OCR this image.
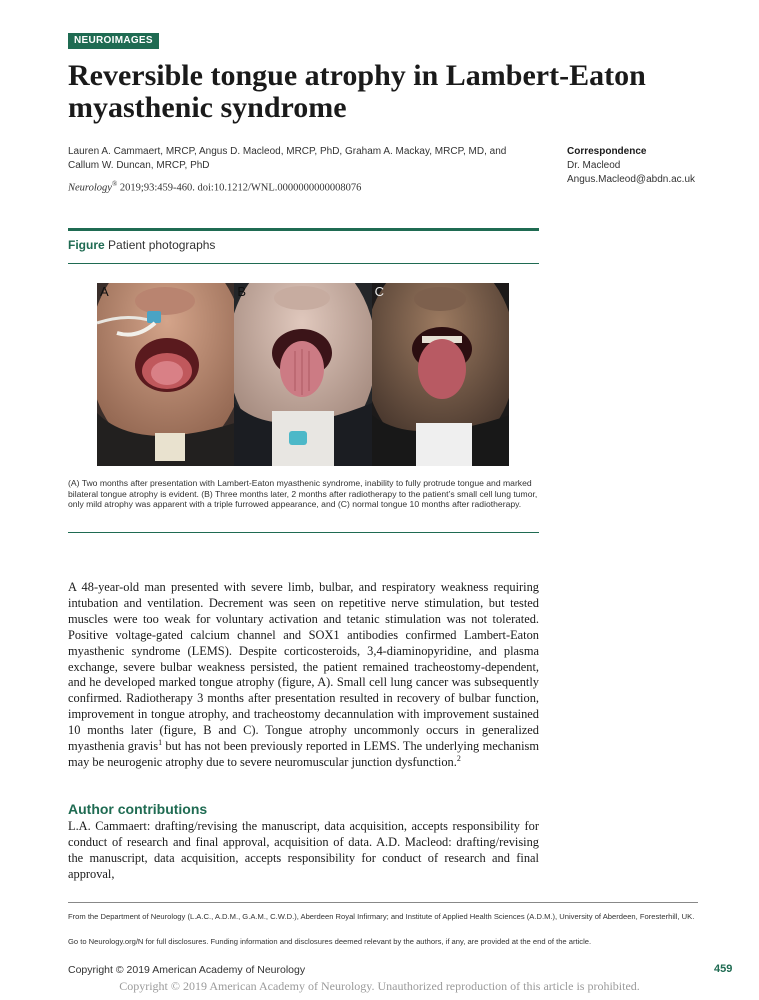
NEUROIMAGES
Reversible tongue atrophy in Lambert-Eaton myasthenic syndrome
Lauren A. Cammaert, MRCP, Angus D. Macleod, MRCP, PhD, Graham A. Mackay, MRCP, MD, and Callum W. Duncan, MRCP, PhD
Neurology® 2019;93:459-460. doi:10.1212/WNL.0000000000008076
Correspondence
Dr. Macleod
Angus.Macleod@abdn.ac.uk
Figure Patient photographs
A	B	C
(A) Two months after presentation with Lambert-Eaton myasthenic syndrome, inability to fully protrude tongue and marked bilateral tongue atrophy is evident. (B) Three months later, 2 months after radiotherapy to the patient’s small cell lung tumor, only mild atrophy was apparent with a triple furrowed appearance, and (C) normal tongue 10 months after radiotherapy.
A 48-year-old man presented with severe limb, bulbar, and respiratory weakness requiring intubation and ventilation. Decrement was seen on repetitive nerve stimulation, but tested muscles were too weak for voluntary activation and tetanic stimulation was not tolerated. Positive voltage-gated calcium channel and SOX1 antibodies confirmed Lambert-Eaton myasthenic syndrome (LEMS). Despite corticosteroids, 3,4-diaminopyridine, and plasma exchange, severe bulbar weakness persisted, the patient remained tracheostomy-dependent, and he developed marked tongue atrophy (figure, A). Small cell lung cancer was subsequently confirmed. Radiotherapy 3 months after presentation resulted in recovery of bulbar function, improvement in tongue atrophy, and tracheostomy decannulation with improvement sustained 10 months later (figure, B and C). Tongue atrophy uncommonly occurs in generalized myasthenia gravis$^1$ but has not been previously reported in LEMS. The underlying mechanism may be neurogenic atrophy due to severe neuromuscular junction dysfunction.$^2$
Author contributions
L.A. Cammaert: drafting/revising the manuscript, data acquisition, accepts responsibility for conduct of research and final approval, acquisition of data. A.D. Macleod: drafting/revising the manuscript, data acquisition, accepts responsibility for conduct of research and final approval,
From the Department of Neurology (L.A.C., A.D.M., G.A.M., C.W.D.), Aberdeen Royal Infirmary; and Institute of Applied Health Sciences (A.D.M.), University of Aberdeen, Foresterhill, UK.
Go to Neurology.org/N for full disclosures. Funding information and disclosures deemed relevant by the authors, if any, are provided at the end of the article.
Copyright © 2019 American Academy of Neurology	459
Copyright © 2019 American Academy of Neurology. Unauthorized reproduction of this article is prohibited.
